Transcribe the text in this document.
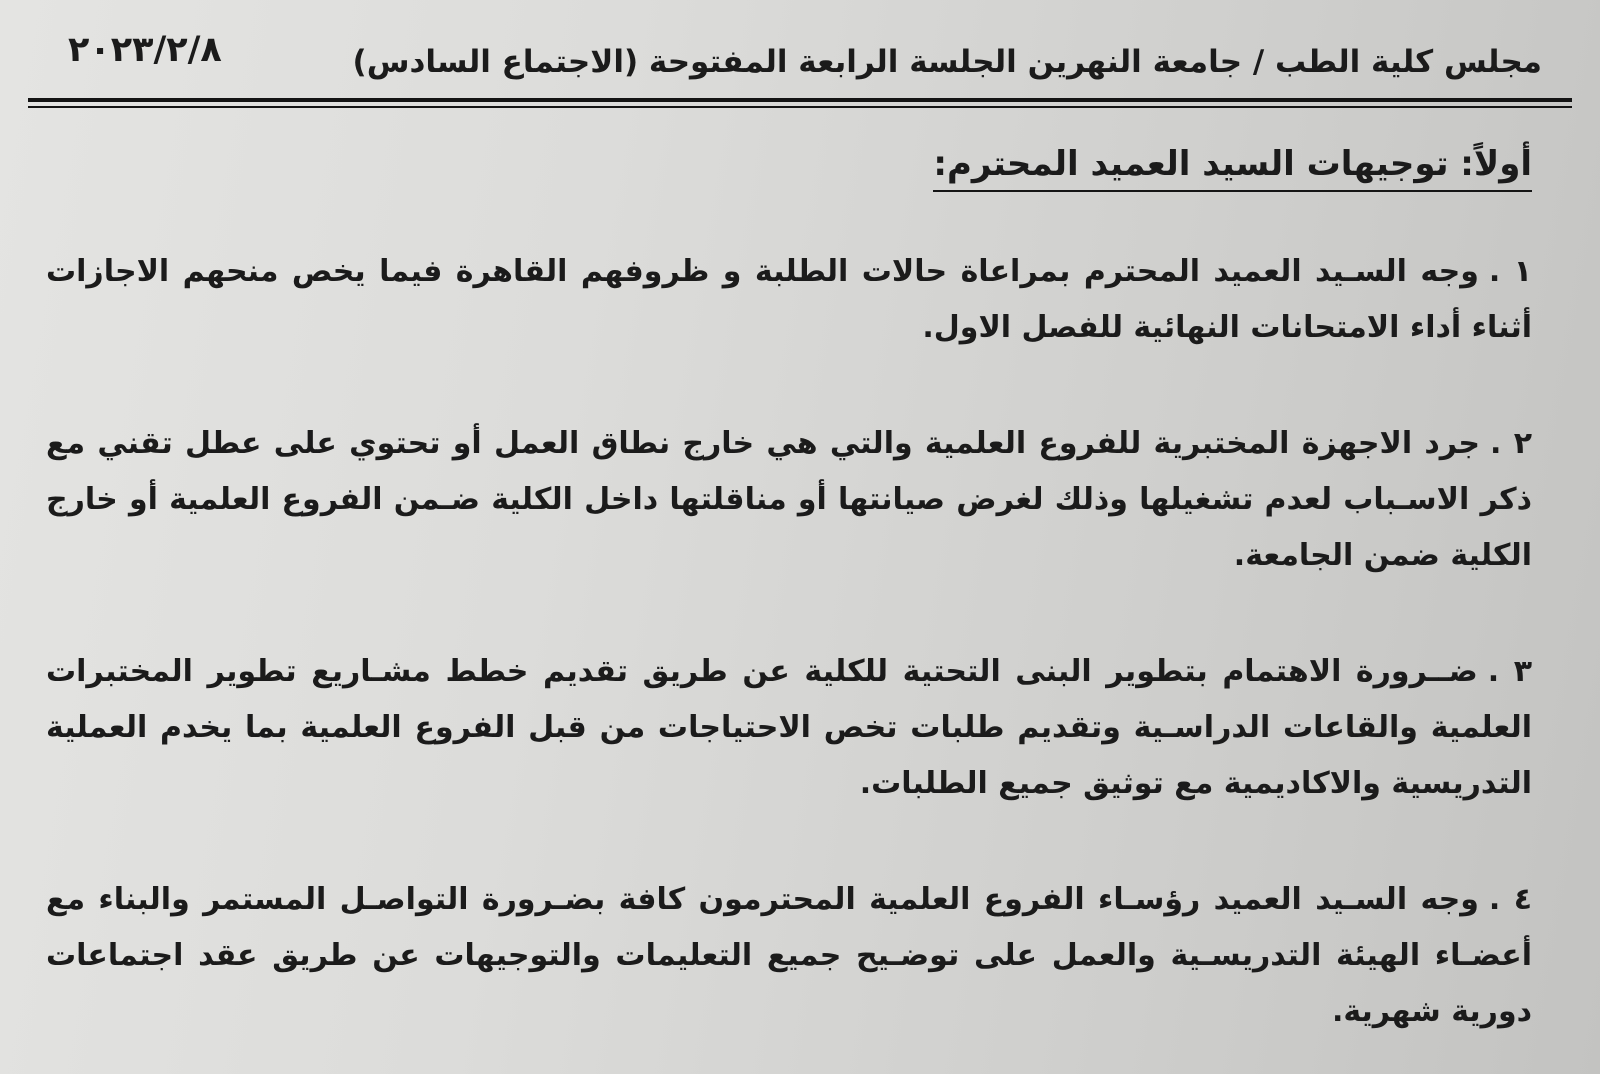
مجلس كلية الطب / جامعة النهرين الجلسة الرابعة المفتوحة (الاجتماع السادس)
٢٠٢٣/٢/٨
أولاً: توجيهات السيد العميد المحترم:
١ .وجه السـيد العميد المحترم بمراعاة حالات الطلبة و ظروفهم القاهرة فيما يخص منحهم الاجازات أثناء أداء الامتحانات النهائية للفصل الاول.
٢ .جرد الاجهزة المختبرية للفروع العلمية والتي هي خارج نطاق العمل أو تحتوي على عطل تقني مع ذكر الاسـباب لعدم تشغيلها وذلك لغرض صيانتها أو مناقلتها داخل الكلية ضـمن الفروع العلمية أو خارج الكلية ضمن الجامعة.
٣ .ضــرورة الاهتمام بتطوير البنى التحتية للكلية عن طريق تقديم خطط مشـاريع تطوير المختبرات العلمية والقاعات الدراسـية وتقديم طلبات تخص الاحتياجات من قبل الفروع العلمية بما يخدم العملية التدريسية والاكاديمية مع توثيق جميع الطلبات.
٤ .وجه السـيد العميد رؤسـاء الفروع العلمية المحترمون كافة بضـرورة التواصـل المستمر والبناء مع أعضـاء الهيئة التدريسـية والعمل على توضـيح جميع التعليمات والتوجيهات عن طريق عقد اجتماعات دورية شهرية.
